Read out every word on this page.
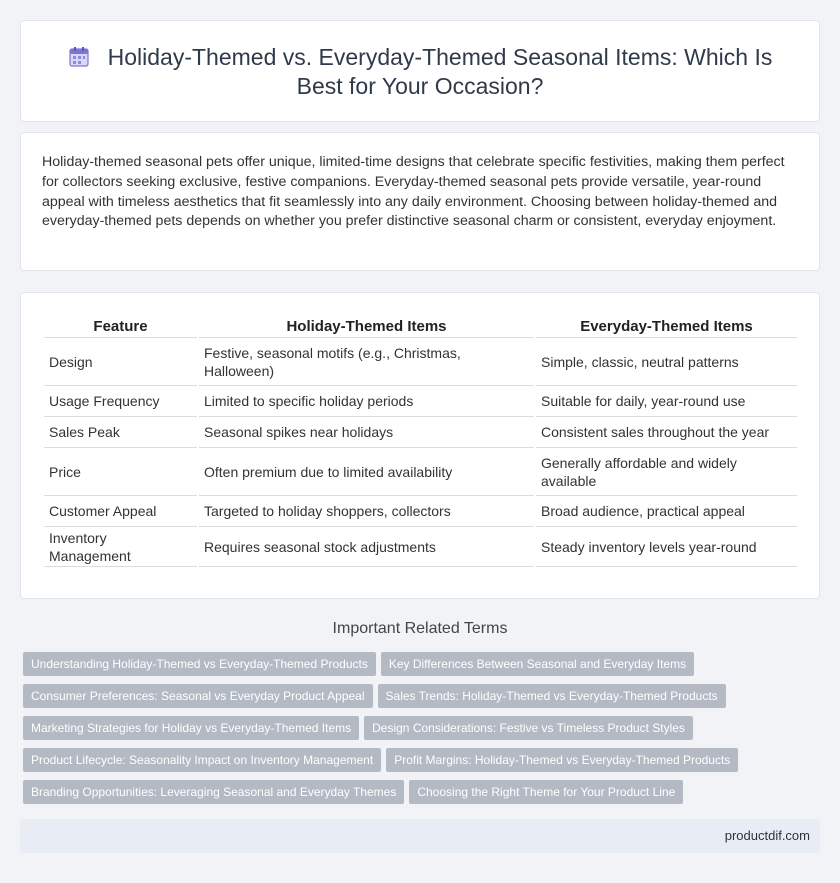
Holiday-Themed vs. Everyday-Themed Seasonal Items: Which Is Best for Your Occasion?

Holiday-themed seasonal pets offer unique, limited-time designs that celebrate specific festivities, making them perfect for collectors seeking exclusive, festive companions. Everyday-themed seasonal pets provide versatile, year-round appeal with timeless aesthetics that fit seamlessly into any daily environment. Choosing between holiday-themed and everyday-themed pets depends on whether you prefer distinctive seasonal charm or consistent, everyday enjoyment.

Feature	Holiday-Themed Items	Everyday-Themed Items
Design	Festive, seasonal motifs (e.g., Christmas, Halloween)	Simple, classic, neutral patterns
Usage Frequency	Limited to specific holiday periods	Suitable for daily, year-round use
Sales Peak	Seasonal spikes near holidays	Consistent sales throughout the year
Price	Often premium due to limited availability	Generally affordable and widely available
Customer Appeal	Targeted to holiday shoppers, collectors	Broad audience, practical appeal
Inventory Management	Requires seasonal stock adjustments	Steady inventory levels year-round
Important Related Terms
Understanding Holiday-Themed vs Everyday-Themed Products Key Differences Between Seasonal and Everyday Items
Consumer Preferences: Seasonal vs Everyday Product Appeal Sales Trends: Holiday-Themed vs Everyday-Themed Products
Marketing Strategies for Holiday vs Everyday-Themed Items Design Considerations: Festive vs Timeless Product Styles
Product Lifecycle: Seasonality Impact on Inventory Management Profit Margins: Holiday-Themed vs Everyday-Themed Products
Branding Opportunities: Leveraging Seasonal and Everyday Themes Choosing the Right Theme for Your Product Line
productdif.com
